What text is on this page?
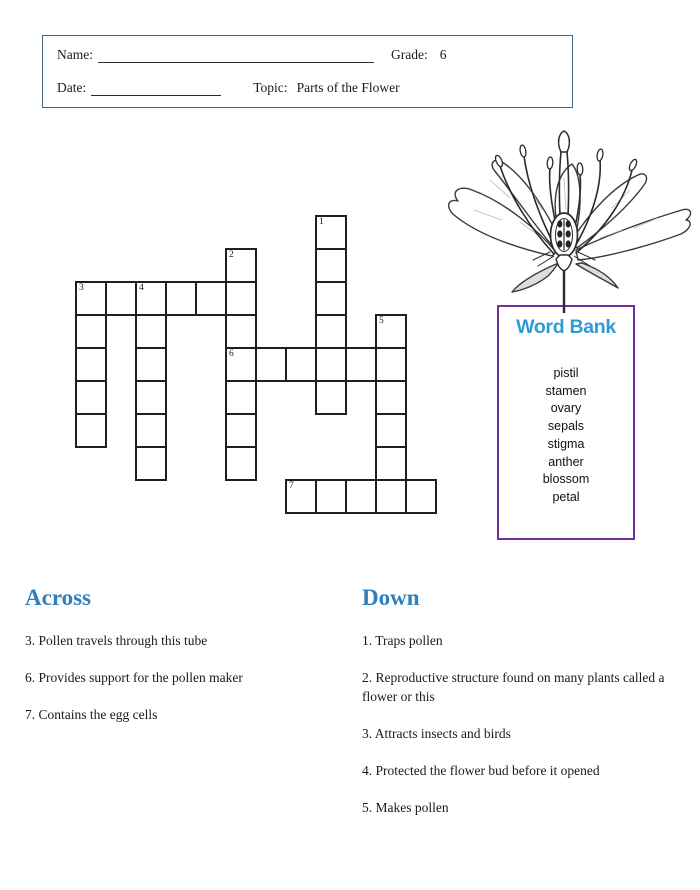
Name:	Grade: 6
Date:	Topic: Parts of the Flower
1
2
3	4
5
6
7
Word Bank
pistil
stamen
ovary
sepals
stigma
anther
blossom
petal
Across

3. Pollen travels through this tube

6. Provides support for the pollen maker

7. Contains the egg cells

Down

1. Traps pollen

2. Reproductive structure found on many plants called a flower or this

3. Attracts insects and birds

4. Protected the flower bud before it opened

5. Makes pollen
